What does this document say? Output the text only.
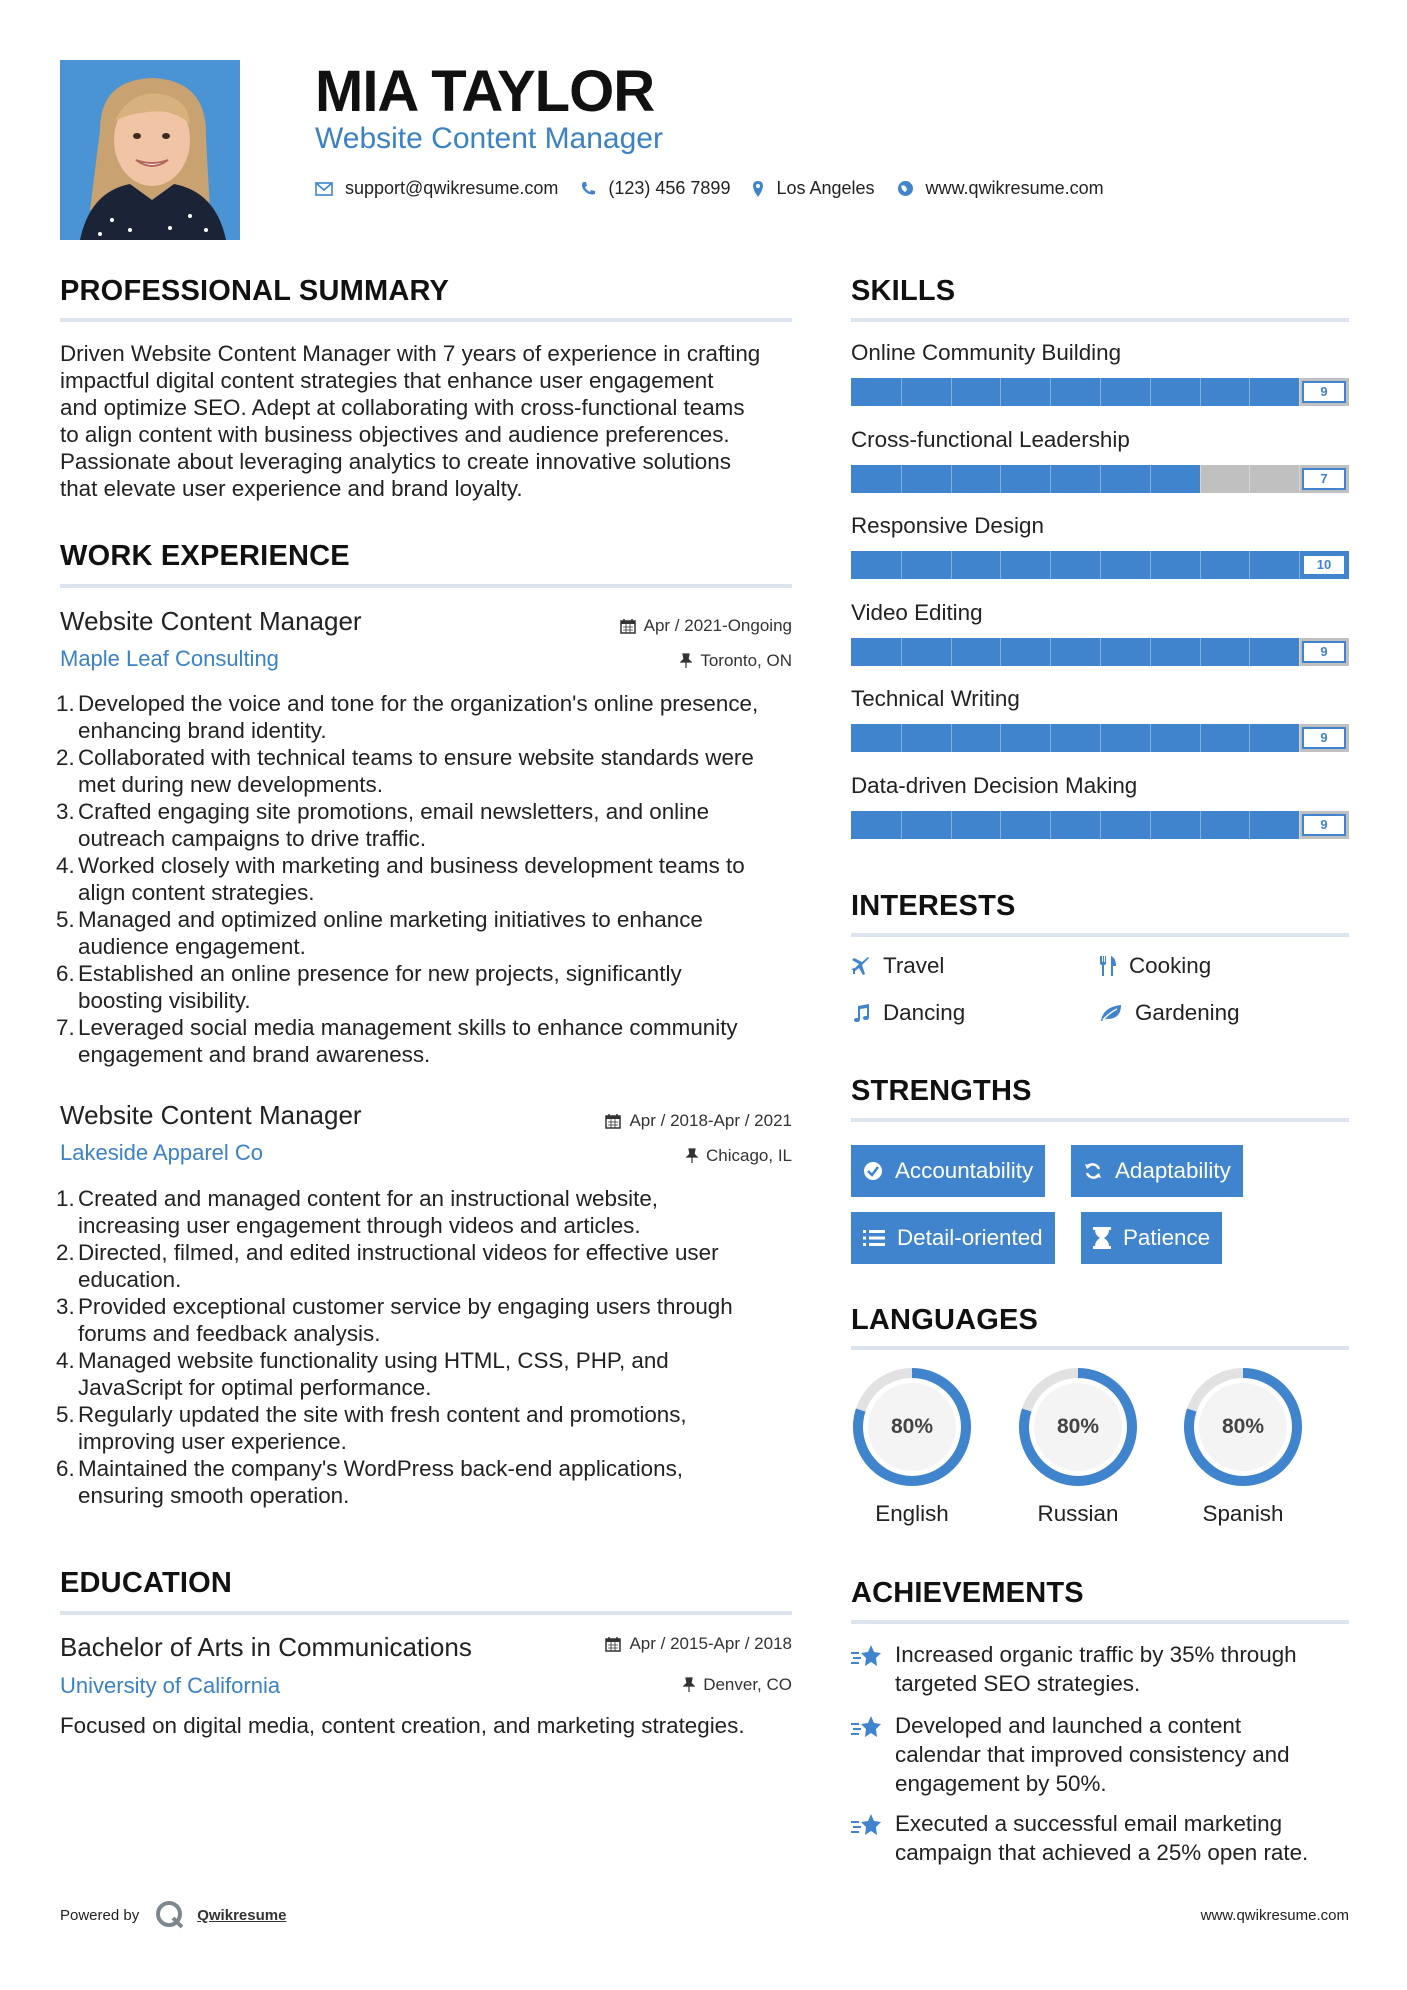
MIA TAYLOR
Website Content Manager
support@qwikresume.com	(123) 456 7899	Los Angeles	www.qwikresume.com
PROFESSIONAL SUMMARY
Driven Website Content Manager with 7 years of experience in crafting
impactful digital content strategies that enhance user engagement
and optimize SEO. Adept at collaborating with cross-functional teams
to align content with business objectives and audience preferences.
Passionate about leveraging analytics to create innovative solutions
that elevate user experience and brand loyalty.
WORK EXPERIENCE
Website Content Manager	Apr / 2021-Ongoing
Maple Leaf Consulting	Toronto, ON
1. Developed the voice and tone for the organization's online presence,
enhancing brand identity.
2. Collaborated with technical teams to ensure website standards were
met during new developments.
3. Crafted engaging site promotions, email newsletters, and online
outreach campaigns to drive traffic.
4. Worked closely with marketing and business development teams to
align content strategies.
5. Managed and optimized online marketing initiatives to enhance
audience engagement.
6. Established an online presence for new projects, significantly
boosting visibility.
7. Leveraged social media management skills to enhance community
engagement and brand awareness.
Website Content Manager	Apr / 2018-Apr / 2021
Lakeside Apparel Co	Chicago, IL
1. Created and managed content for an instructional website,
increasing user engagement through videos and articles.
2. Directed, filmed, and edited instructional videos for effective user
education.
3. Provided exceptional customer service by engaging users through
forums and feedback analysis.
4. Managed website functionality using HTML, CSS, PHP, and
JavaScript for optimal performance.
5. Regularly updated the site with fresh content and promotions,
improving user experience.
6. Maintained the company's WordPress back-end applications,
ensuring smooth operation.
EDUCATION
Bachelor of Arts in Communications	Apr / 2015-Apr / 2018
University of California	Denver, CO
Focused on digital media, content creation, and marketing strategies.
SKILLS
Online Community Building
9
Cross-functional Leadership
7
Responsive Design
10
Video Editing
9
Technical Writing
9
Data-driven Decision Making
9
INTERESTS
Travel	Cooking
Dancing	Gardening
STRENGTHS
Accountability	Adaptability
Detail-oriented	Patience
LANGUAGES
80%
English
80%
Russian
80%
Spanish
ACHIEVEMENTS
Increased organic traffic by 35% through
targeted SEO strategies.
Developed and launched a content
calendar that improved consistency and
engagement by 50%.
Executed a successful email marketing
campaign that achieved a 25% open rate.
Powered by	Qwikresume	www.qwikresume.com
